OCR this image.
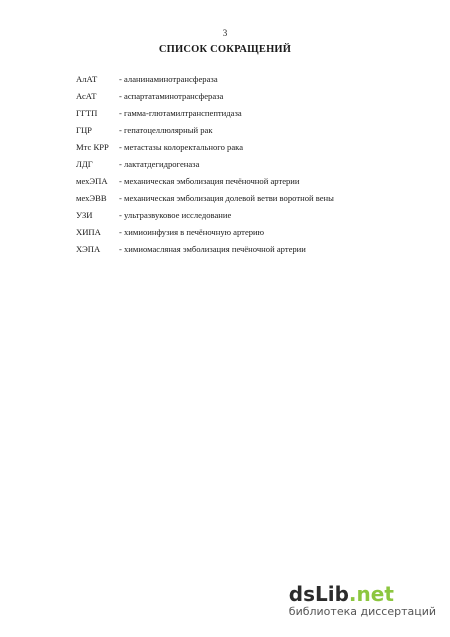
3
СПИСОК СОКРАЩЕНИЙ
АлАТ	- аланинаминотрансфераза
АсАТ	- аспартатаминотрансфераза
ГГТП	- гамма-глютамилтранспептидаза
ГЦР	- гепатоцеллюлярный рак
Мтс КРР	- метастазы колоректального рака
ЛДГ	- лактатдегидрогеназа
мехЭПА	- механическая эмболизация печёночной артерии
мехЭВВ	- механическая эмболизация долевой ветви воротной вены
УЗИ	- ультразвуковое исследование
ХИПА	- химиоинфузия в печёночную артерию
ХЭПА	- химиомасляная эмболизация печёночной артерии
dsLib.net
библиотека диссертаций
